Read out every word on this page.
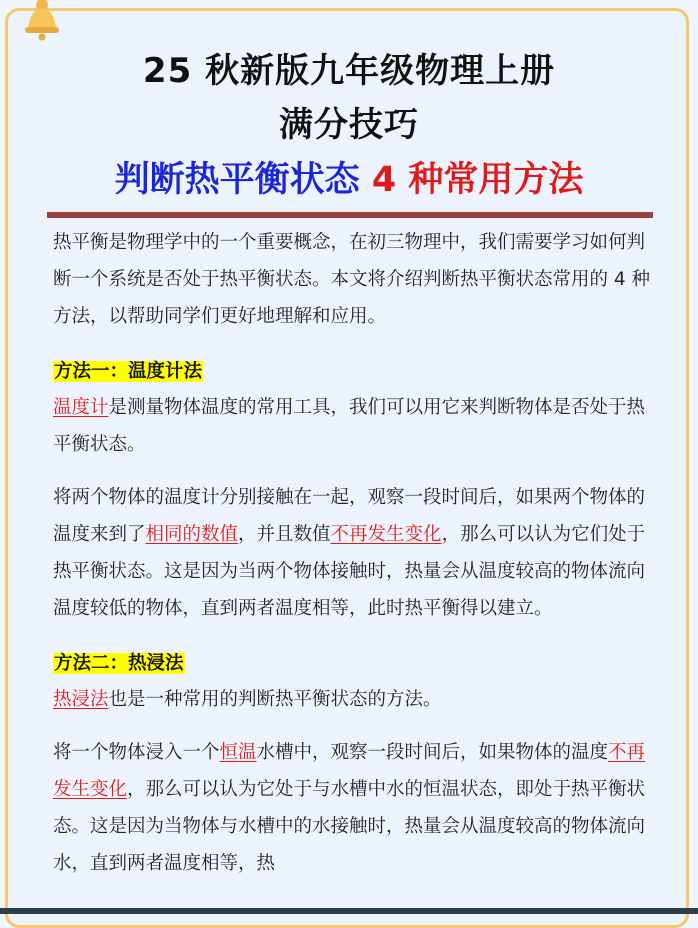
25 秋新版九年级物理上册
满分技巧
判断热平衡状态 4 种常用方法

热平衡是物理学中的一个重要概念，在初三物理中，我们需要学习如何判断一个系统是否处于热平衡状态。本文将介绍判断热平衡状态常用的 4 种方法，以帮助同学们更好地理解和应用。

方法一：温度计法

温度计是测量物体温度的常用工具，我们可以用它来判断物体是否处于热平衡状态。

将两个物体的温度计分别接触在一起，观察一段时间后，如果两个物体的温度来到了相同的数值，并且数值不再发生变化，那么可以认为它们处于热平衡状态。这是因为当两个物体接触时，热量会从温度较高的物体流向温度较低的物体，直到两者温度相等，此时热平衡得以建立。

方法二：热浸法

热浸法也是一种常用的判断热平衡状态的方法。

将一个物体浸入一个恒温水槽中，观察一段时间后，如果物体的温度不再发生变化，那么可以认为它处于与水槽中水的恒温状态，即处于热平衡状态。这是因为当物体与水槽中的水接触时，热量会从温度较高的物体流向水，直到两者温度相等，热
